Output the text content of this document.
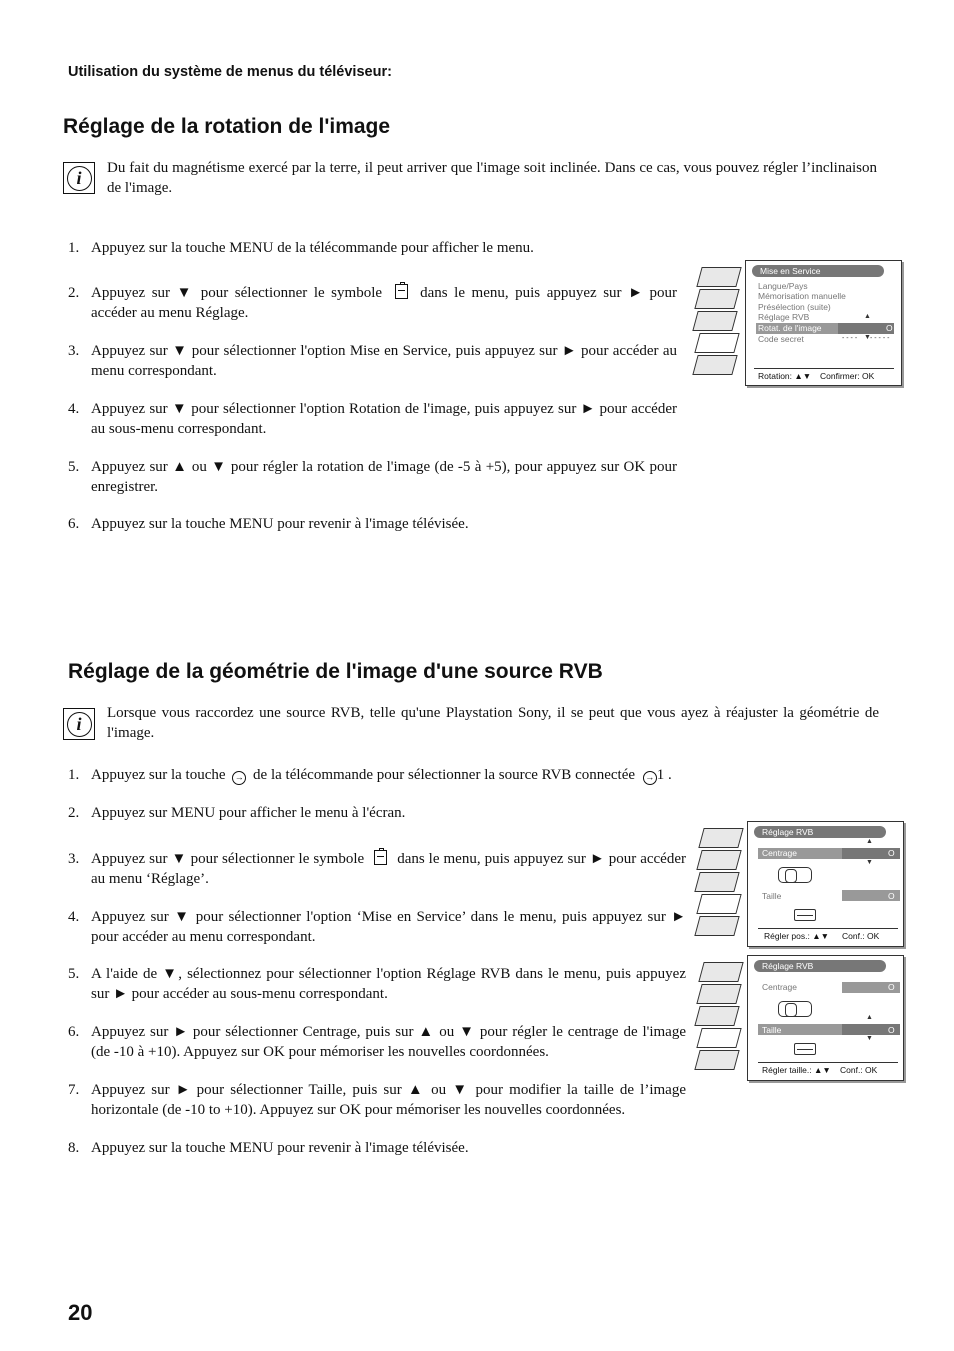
Utilisation du système de menus du téléviseur:
Réglage de la rotation de l'image
i	Du fait du magnétisme exercé par la terre, il peut arriver que l'image soit inclinée. Dans ce cas, vous pouvez régler l’inclinaison de l'image.
1. Appuyez sur la touche MENU de la télécommande pour afficher le menu.
2. Appuyez sur ▼ pour sélectionner le symbole	dans le menu, puis appuyez sur ► pour accéder au menu Réglage.
3. Appuyez sur ▼ pour sélectionner l'option Mise en Service, puis appuyez sur ► pour accéder au menu correspondant.
4. Appuyez sur ▼ pour sélectionner l'option Rotation de l'image, puis appuyez sur ► pour accéder au sous-menu correspondant.
5. Appuyez sur ▲ ou ▼ pour régler la rotation de l'image (de -5 à +5), pour appuyez sur OK pour enregistrer.
6. Appuyez sur la touche MENU pour revenir à l'image télévisée.
Mise en Service
Langue/Pays
Mémorisation manuelle
Présélection (suite)
Réglage RVB
Rotat. de l'image	O
▲
▼
Code secret	- - - - - - - - -
Rotation: ▲▼ Confirmer: OK
Réglage de la géométrie de l'image d'une source RVB
i
Lorsque vous raccordez une source RVB, telle qu'une Playstation Sony, il se peut que vous ayez à réajuster la géométrie de l'image.
1. Appuyez sur la touche → de la télécommande pour sélectionner la source RVB connectée → 1 .
2. Appuyez sur MENU pour afficher le menu à l'écran.
3. Appuyez sur ▼ pour sélectionner le symbole dans le menu, puis appuyez sur ► pour accéder au menu ‘Réglage’.
4. Appuyez sur ▼ pour sélectionner l'option ‘Mise en Service’ dans le menu, puis appuyez sur ► pour accéder au menu correspondant.
5. A l'aide de ▼, sélectionnez pour sélectionner l'option Réglage RVB dans le menu, puis appuyez sur ► pour accéder au sous-menu correspondant.
6. Appuyez sur ► pour sélectionner Centrage, puis sur ▲ ou ▼ pour régler le centrage de l'image (de -10 à +10). Appuyez sur OK pour mémoriser les nouvelles coordonnées.
7. Appuyez sur ► pour sélectionner Taille, puis sur ▲ ou ▼ pour modifier la taille de l’image horizontale (de -10 to +10). Appuyez sur OK pour mémoriser les nouvelles coordonnées.
8. Appuyez sur la touche MENU pour revenir à l'image télévisée.
Réglage RVB
Centrage	O
▲
▼
Taille	O
Régler pos.: ▲▼ Conf.: OK
Réglage RVB
Centrage	O
Taille	O
▲
▼
Régler taille.: ▲▼ Conf.: OK
20
